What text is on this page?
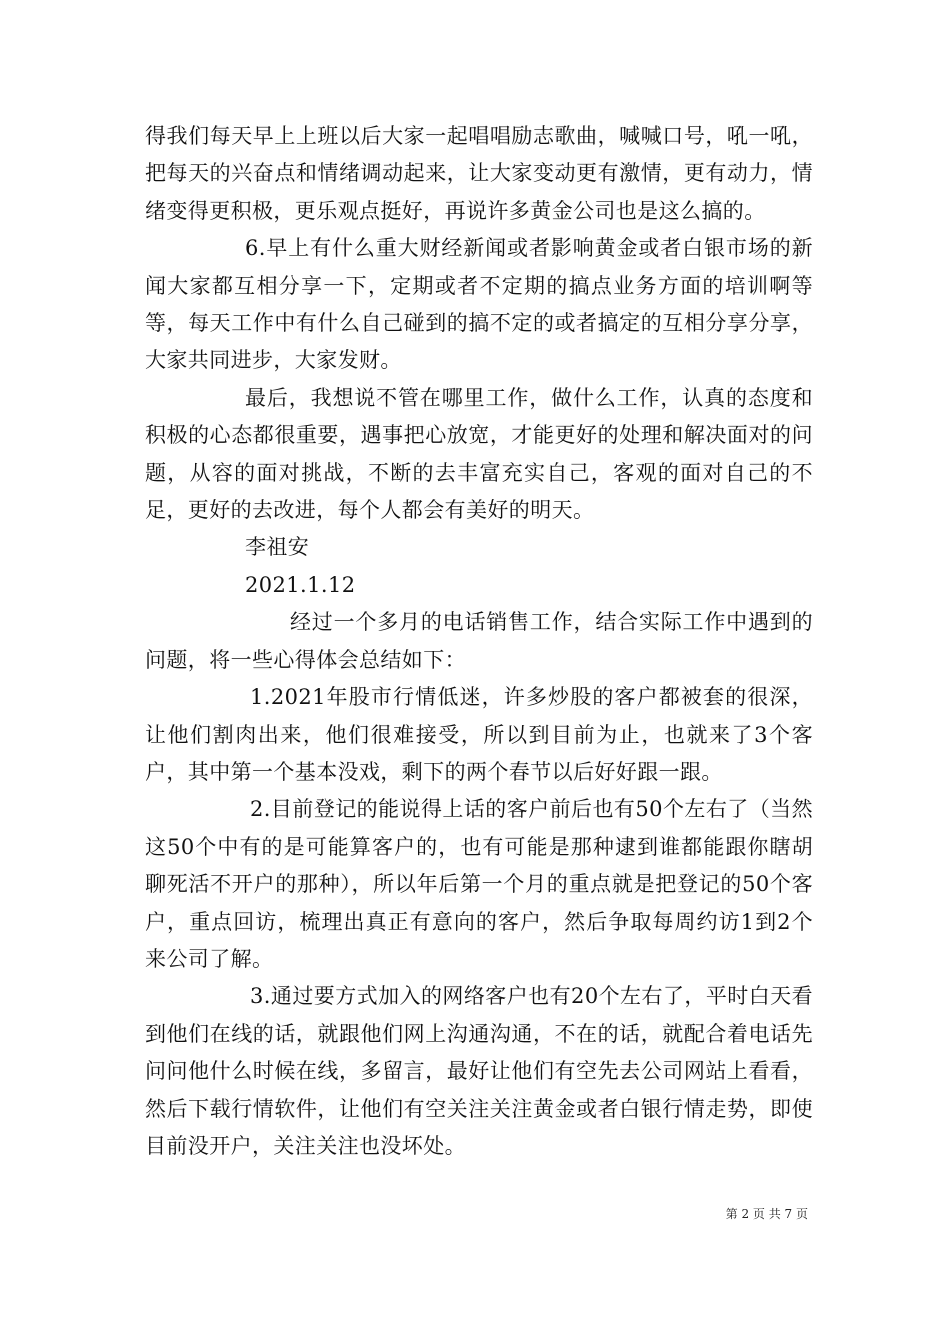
得我们每天早上上班以后大家一起唱唱励志歌曲，喊喊口号，吼一吼，把每天的兴奋点和情绪调动起来，让大家变动更有激情，更有动力，情绪变得更积极，更乐观点挺好，再说许多黄金公司也是这么搞的。

6.早上有什么重大财经新闻或者影响黄金或者白银市场的新闻大家都互相分享一下，定期或者不定期的搞点业务方面的培训啊等等，每天工作中有什么自己碰到的搞不定的或者搞定的互相分享分享，大家共同进步，大家发财。

最后，我想说不管在哪里工作，做什么工作，认真的态度和积极的心态都很重要，遇事把心放宽，才能更好的处理和解决面对的问题，从容的面对挑战，不断的去丰富充实自己，客观的面对自己的不足，更好的去改进，每个人都会有美好的明天。

李祖安

2021.1.12

经过一个多月的电话销售工作，结合实际工作中遇到的问题，将一些心得体会总结如下：

1.2021年股市行情低迷，许多炒股的客户都被套的很深，让他们割肉出来，他们很难接受，所以到目前为止，也就来了3个客户，其中第一个基本没戏，剩下的两个春节以后好好跟一跟。

2.目前登记的能说得上话的客户前后也有50个左右了（当然这50个中有的是可能算客户的，也有可能是那种逮到谁都能跟你瞎胡聊死活不开户的那种），所以年后第一个月的重点就是把登记的50个客户，重点回访，梳理出真正有意向的客户，然后争取每周约访1到2个来公司了解。

3.通过要方式加入的网络客户也有20个左右了，平时白天看到他们在线的话，就跟他们网上沟通沟通，不在的话，就配合着电话先问问他什么时候在线，多留言，最好让他们有空先去公司网站上看看，然后下载行情软件，让他们有空关注关注黄金或者白银行情走势，即使目前没开户，关注关注也没坏处。

第 2 页 共 7 页
